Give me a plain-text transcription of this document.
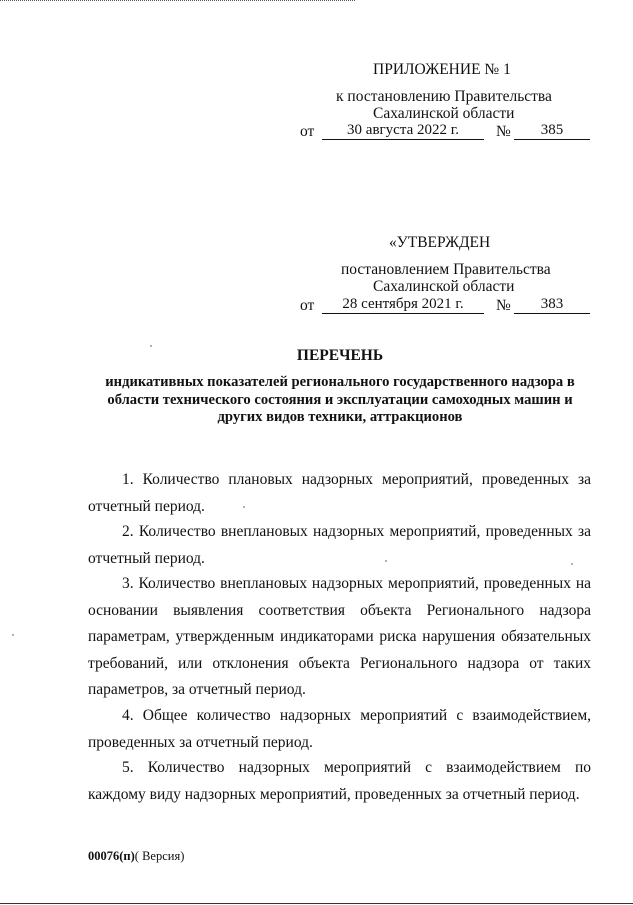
ПРИЛОЖЕНИЕ № 1
к постановлению Правительства
Сахалинской области
от	30 августа 2022 г.	№	385
«УТВЕРЖДЕН
постановлением Правительства
Сахалинской области
от	28 сентября 2021 г.	№	383
ПЕРЕЧЕНЬ
индикативных показателей регионального государственного надзора в
области технического состояния и эксплуатации самоходных машин и
других видов техники, аттракционов
1. Количество плановых надзорных мероприятий, проведенных за отчетный период.
2. Количество внеплановых надзорных мероприятий, проведенных за отчетный период.
3. Количество внеплановых надзорных мероприятий, проведенных на основании выявления соответствия объекта Регионального надзора параметрам, утвержденным индикаторами риска нарушения обязательных требований, или отклонения объекта Регионального надзора от таких параметров, за отчетный период.
4. Общее количество надзорных мероприятий с взаимодействием, проведенных за отчетный период.
5. Количество надзорных мероприятий с взаимодействием по каждому виду надзорных мероприятий, проведенных за отчетный период.
00076(п)( Версия)
